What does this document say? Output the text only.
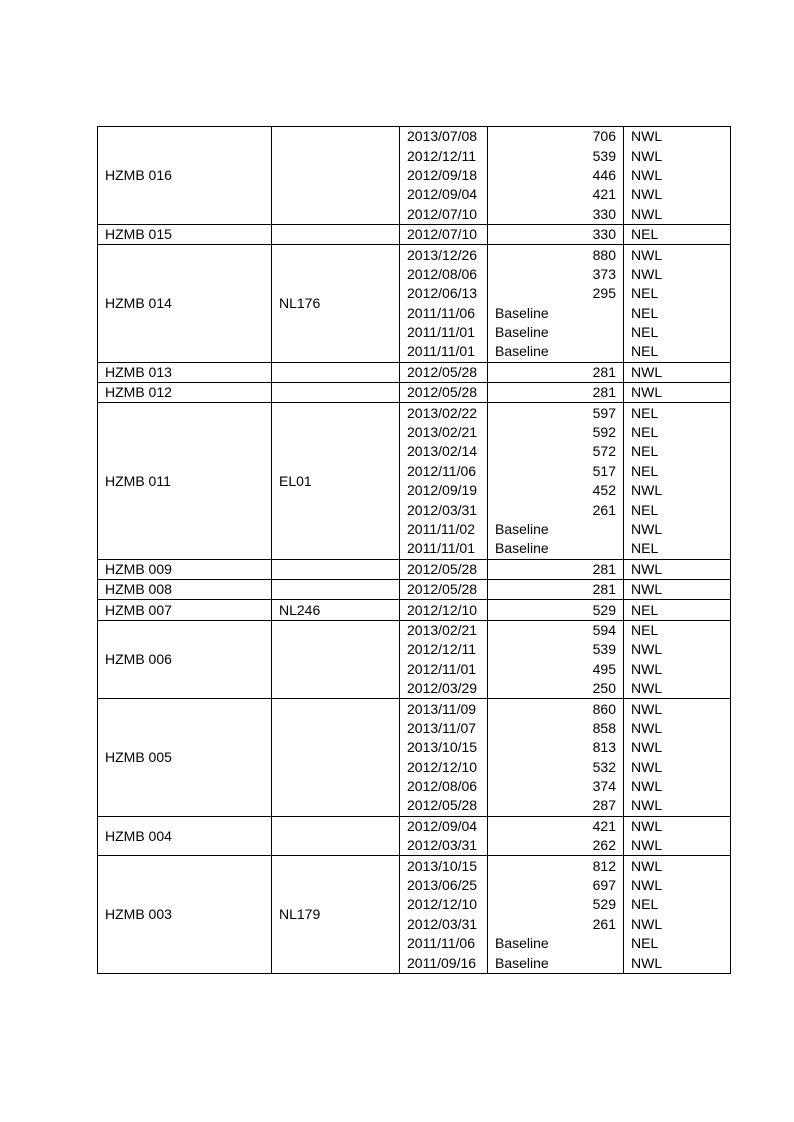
HZMB 016		2013/07/08	706	NWL
		2012/12/11	539	NWL
		2012/09/18	446	NWL
		2012/09/04	421	NWL
		2012/07/10	330	NWL
HZMB 015		2012/07/10	330	NEL
HZMB 014	NL176	2013/12/26	880	NWL
		2012/08/06	373	NWL
		2012/06/13	295	NEL
		2011/11/06	Baseline	NEL
		2011/11/01	Baseline	NEL
		2011/11/01	Baseline	NEL
HZMB 013		2012/05/28	281	NWL
HZMB 012		2012/05/28	281	NWL
HZMB 011	EL01	2013/02/22	597	NEL
		2013/02/21	592	NEL
		2013/02/14	572	NEL
		2012/11/06	517	NEL
		2012/09/19	452	NWL
		2012/03/31	261	NEL
		2011/11/02	Baseline	NWL
		2011/11/01	Baseline	NEL
HZMB 009		2012/05/28	281	NWL
HZMB 008		2012/05/28	281	NWL
HZMB 007	NL246	2012/12/10	529	NEL
HZMB 006		2013/02/21	594	NEL
		2012/12/11	539	NWL
		2012/11/01	495	NWL
		2012/03/29	250	NWL
HZMB 005		2013/11/09	860	NWL
		2013/11/07	858	NWL
		2013/10/15	813	NWL
		2012/12/10	532	NWL
		2012/08/06	374	NWL
		2012/05/28	287	NWL
HZMB 004		2012/09/04	421	NWL
		2012/03/31	262	NWL
HZMB 003	NL179	2013/10/15	812	NWL
		2013/06/25	697	NWL
		2012/12/10	529	NEL
		2012/03/31	261	NWL
		2011/11/06	Baseline	NEL
		2011/09/16	Baseline	NWL
